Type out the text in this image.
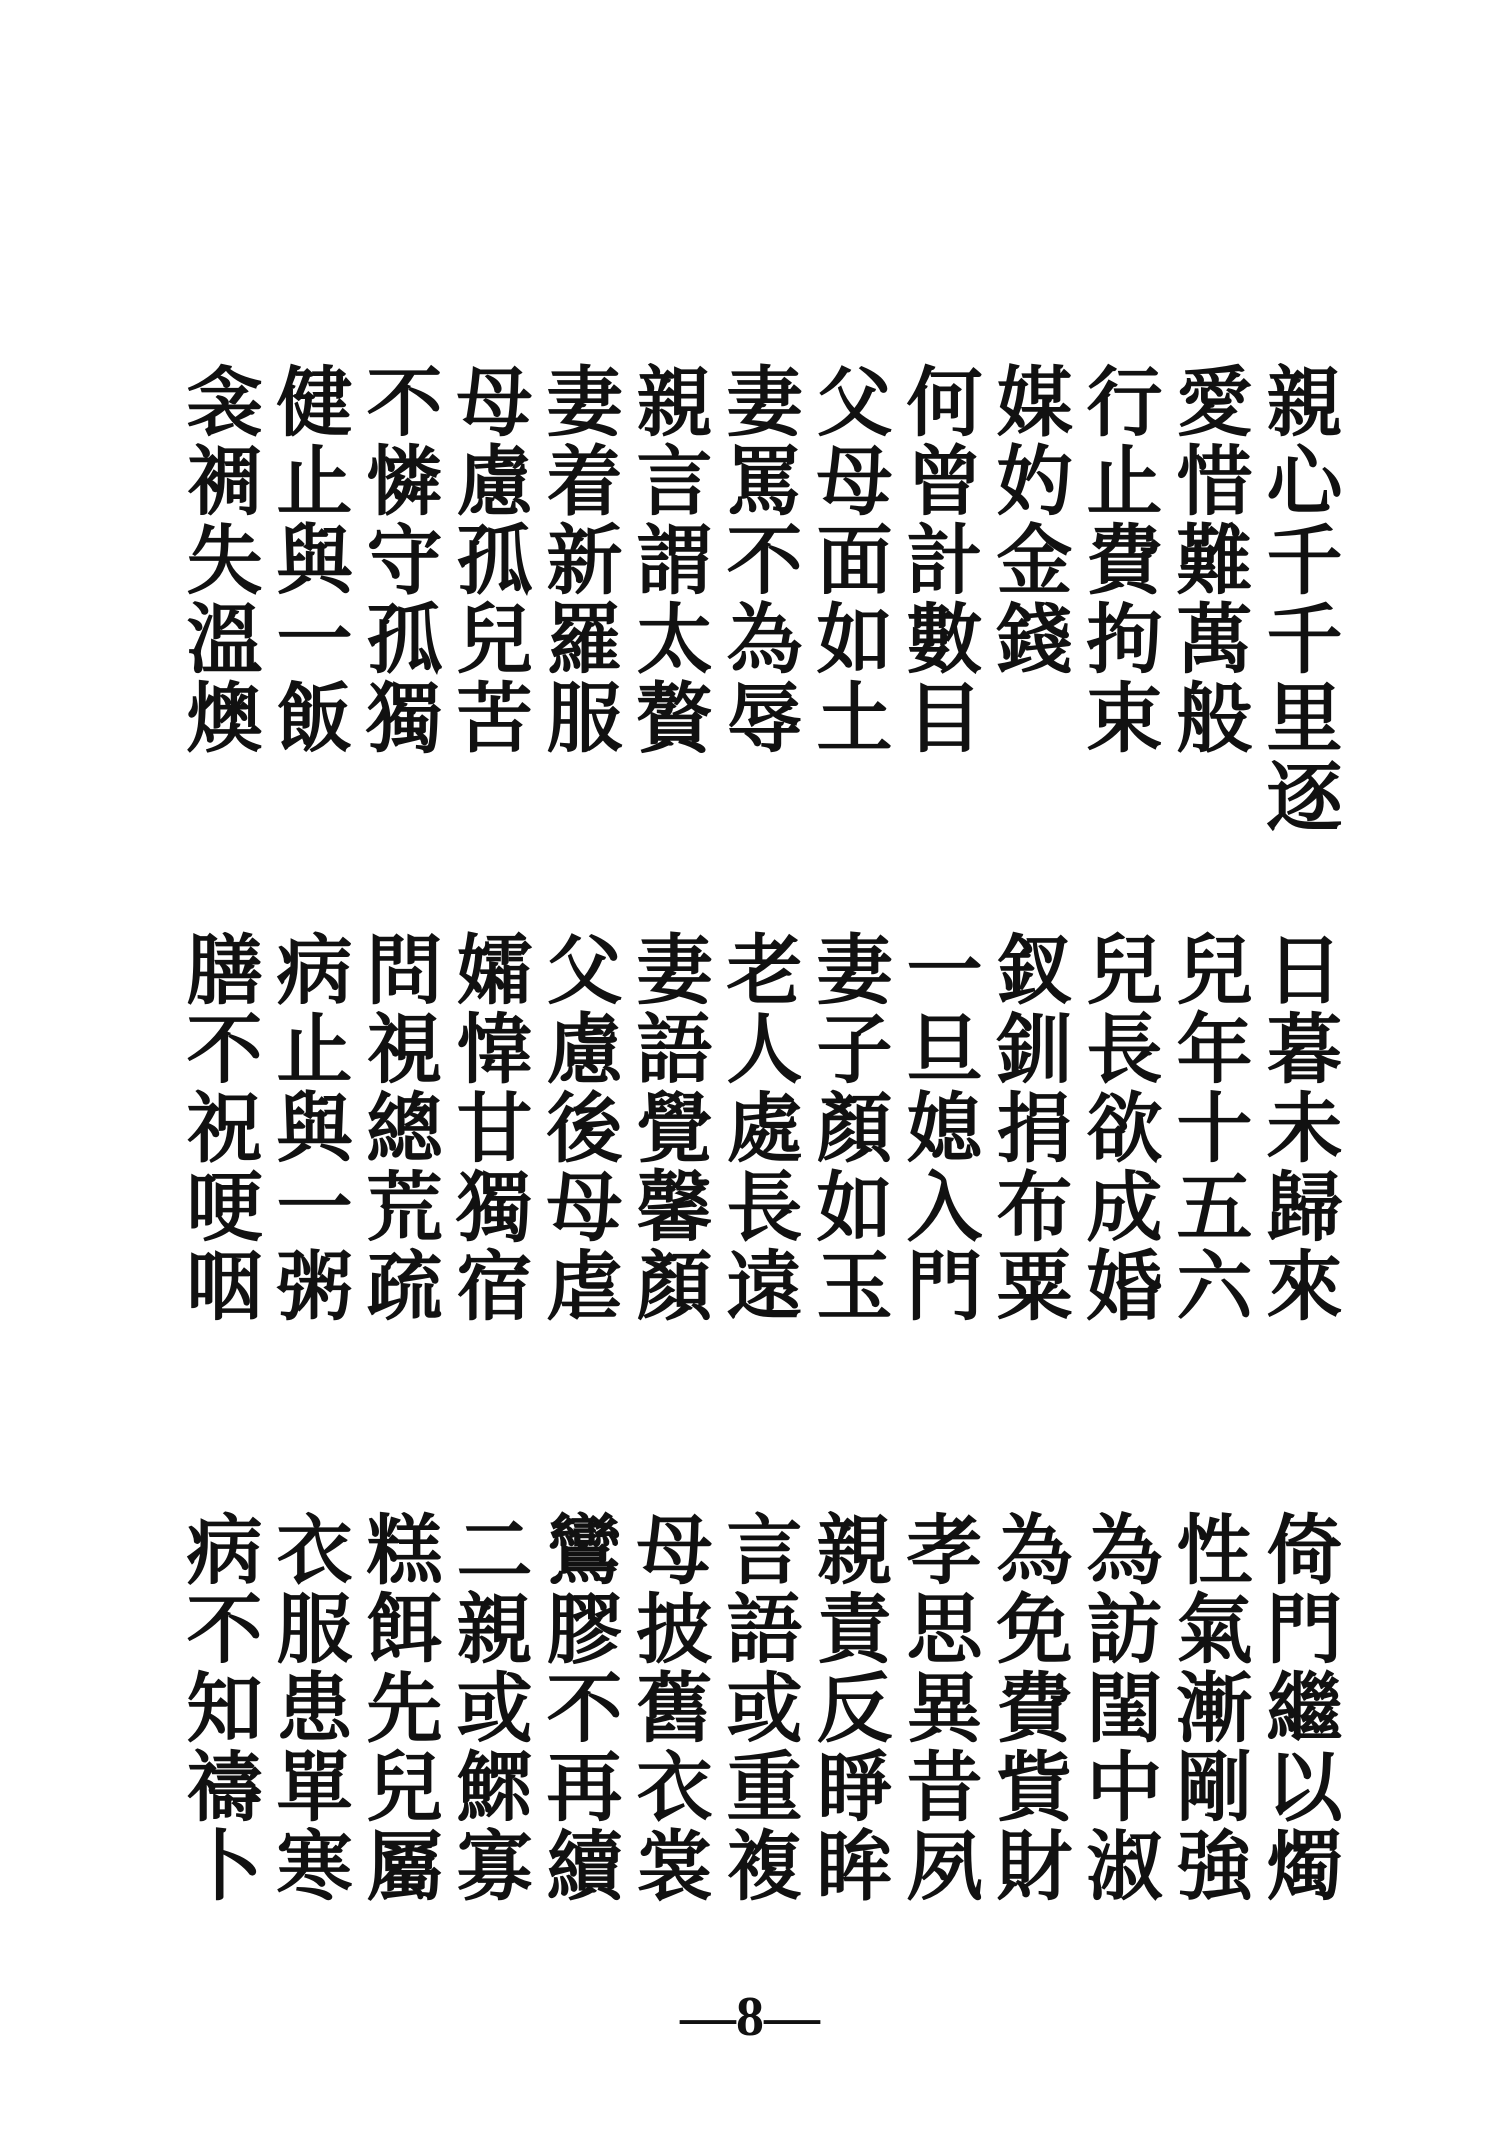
親心千千里逐
愛惜難萬般
行止費拘束
媒妁金錢
何曾計數目
父母面如土
妻罵不為辱
親言謂太贅
妻着新羅服
母慮孤兒苦
不憐守孤獨
健止與一飯
衾裯失溫燠
日暮未歸來
兒年十五六
兒長欲成婚
釵釧捐布粟
一旦媳入門
妻子顏如玉
老人處長遠
妻語覺馨顏
父慮後母虐
孀愇甘獨宿
問視總荒疏
病止與一粥
膳不祝哽咽
倚門繼以燭
性氣漸剛強
為訪閨中淑
為免費貲財
孝思異昔夙
親責反睜眸
言語或重複
母披舊衣裳
鸞膠不再續
二親或鰥寡
糕餌先兒屬
衣服患單寒
病不知禱卜
—8—
